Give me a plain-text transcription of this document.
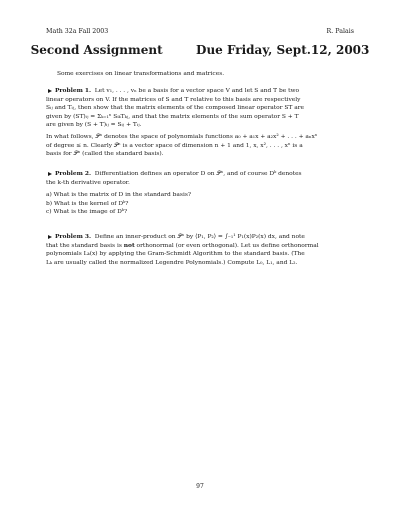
Math 32a Fall 2003	R. Palais
Second Assignment        Due Friday, Sept.12, 2003
Some exercises on linear transformations and matrices.
Problem 1. Let v₁, . . . , vₙ be a basis for a vector space V and let S and T be two
linear operators on V. If the matrices of S and T relative to this basis are respectively
Sᵢⱼ and Tᵢⱼ, then show that the matrix elements of the composed linear operator ST are
given by (ST)ᵢⱼ = Σₖ₌₁ⁿ SᵢₖTₖⱼ, and that the matrix elements of the sum operator S + T
are given by (S + T)ᵢⱼ = Sᵢⱼ + Tᵢⱼ.
In what follows, 𝒫ⁿ denotes the space of polynomials functions a₀ + a₁x + a₂x² + . . . + aₙxⁿ
of degree ≤ n. Clearly 𝒫ⁿ is a vector space of dimension n + 1 and 1, x, x², . . . , xⁿ is a
basis for 𝒫ⁿ (called the standard basis).
Problem 2. Differentiation defines an operator D on 𝒫ⁿ, and of course Dᵏ denotes
the k-th derivative operator.
a) What is the matrix of D in the standard basis?
b) What is the kernel of Dᵏ?
c) What is the image of Dᵏ?
Problem 3. Define an inner-product on 𝒫ⁿ by ⟨P₁, P₂⟩ = ∫₋₁¹ P₁(x)P₂(x) dx, and note
that the standard basis is not orthonormal (or even orthogonal). Let us define orthonormal
polynomials Lₖ(x) by applying the Gram-Schmidt Algorithm to the standard basis. (The
Lₖ are usually called the normalized Legendre Polynomials.) Compute L₀, L₁, and L₂.
97
